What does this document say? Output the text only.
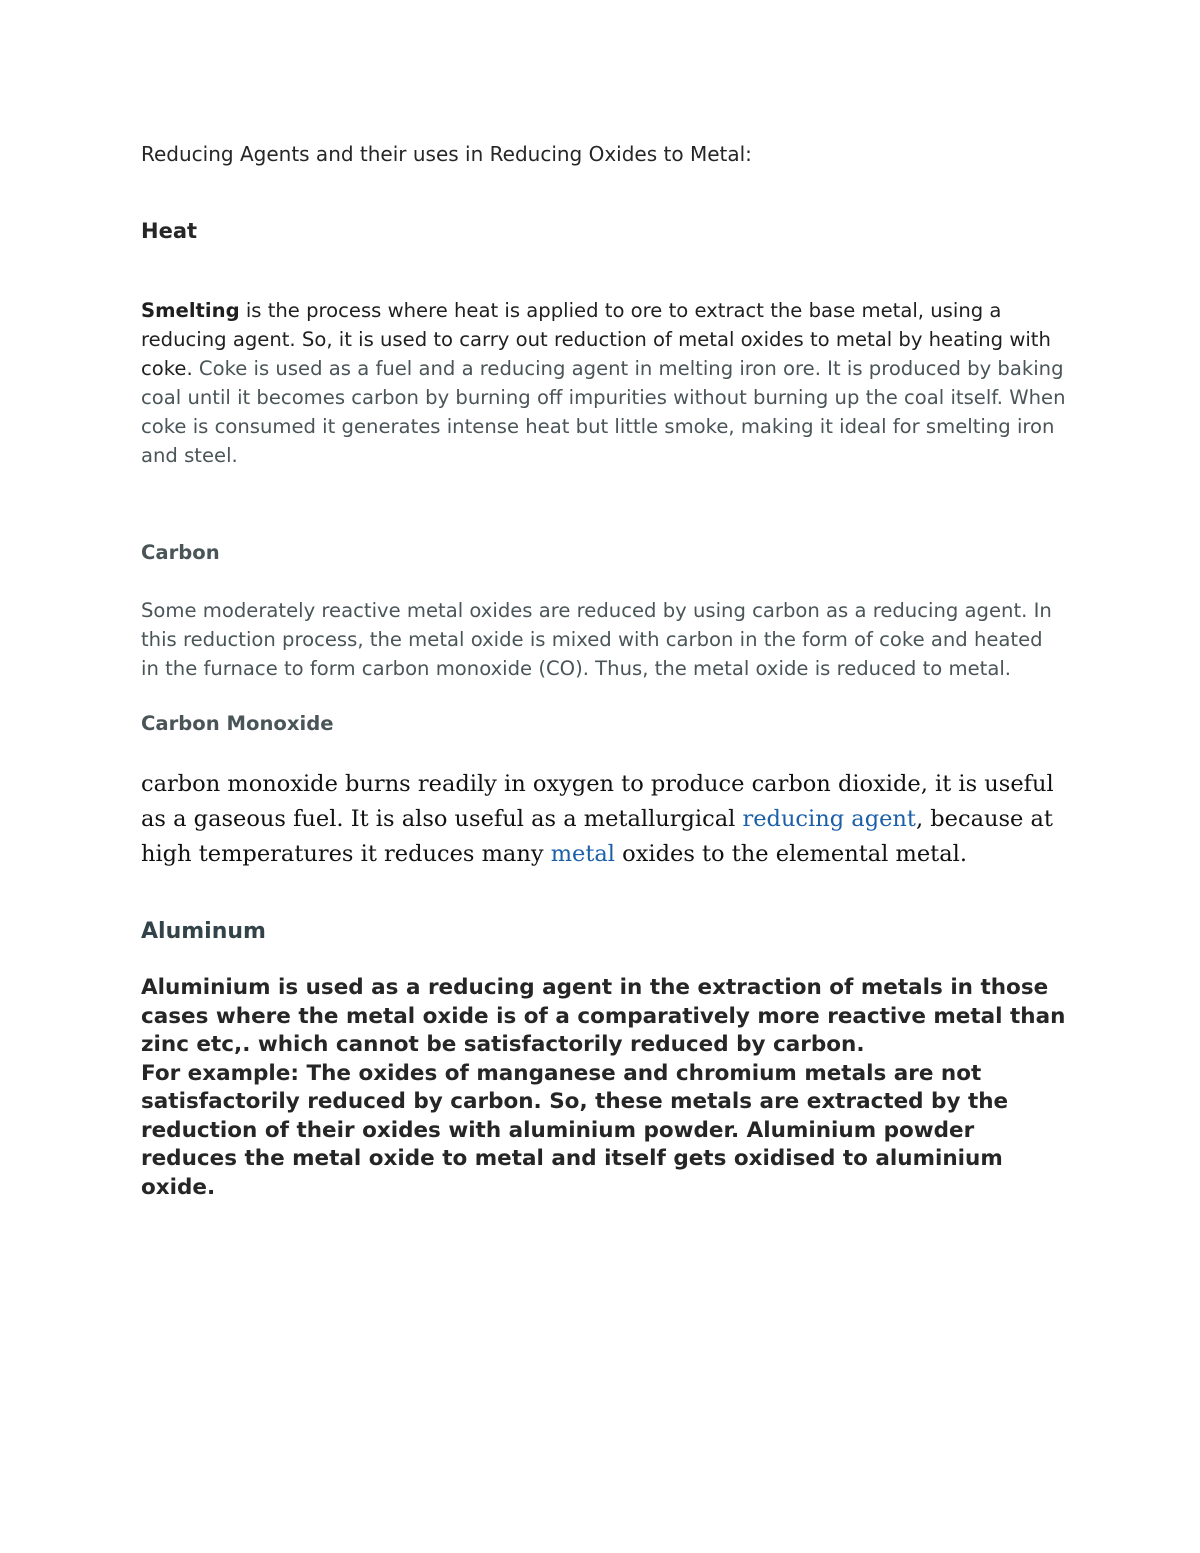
Reducing Agents and their uses in Reducing Oxides to Metal:
Heat

Smelting is the process where heat is applied to ore to extract the base metal, using a reducing agent. So, it is used to carry out reduction of metal oxides to metal by heating with coke. Coke is used as a fuel and a reducing agent in melting iron ore. It is produced by baking coal until it becomes carbon by burning off impurities without burning up the coal itself. When coke is consumed it generates intense heat but little smoke, making it ideal for smelting iron and steel.

Carbon

Some moderately reactive metal oxides are reduced by using carbon as a reducing agent. In this reduction process, the metal oxide is mixed with carbon in the form of coke and heated in the furnace to form carbon monoxide (CO). Thus, the metal oxide is reduced to metal.

Carbon Monoxide

carbon monoxide burns readily in oxygen to produce carbon dioxide, it is useful as a gaseous fuel. It is also useful as a metallurgical reducing agent, because at high temperatures it reduces many metal oxides to the elemental metal.

Aluminum

Aluminium is used as a reducing agent in the extraction of metals in those cases where the metal oxide is of a comparatively more reactive metal than zinc etc,. which cannot be satisfactorily reduced by carbon.

For example: The oxides of manganese and chromium metals are not satisfactorily reduced by carbon. So, these metals are extracted by the reduction of their oxides with aluminium powder. Aluminium powder reduces the metal oxide to metal and itself gets oxidised to aluminium oxide.
